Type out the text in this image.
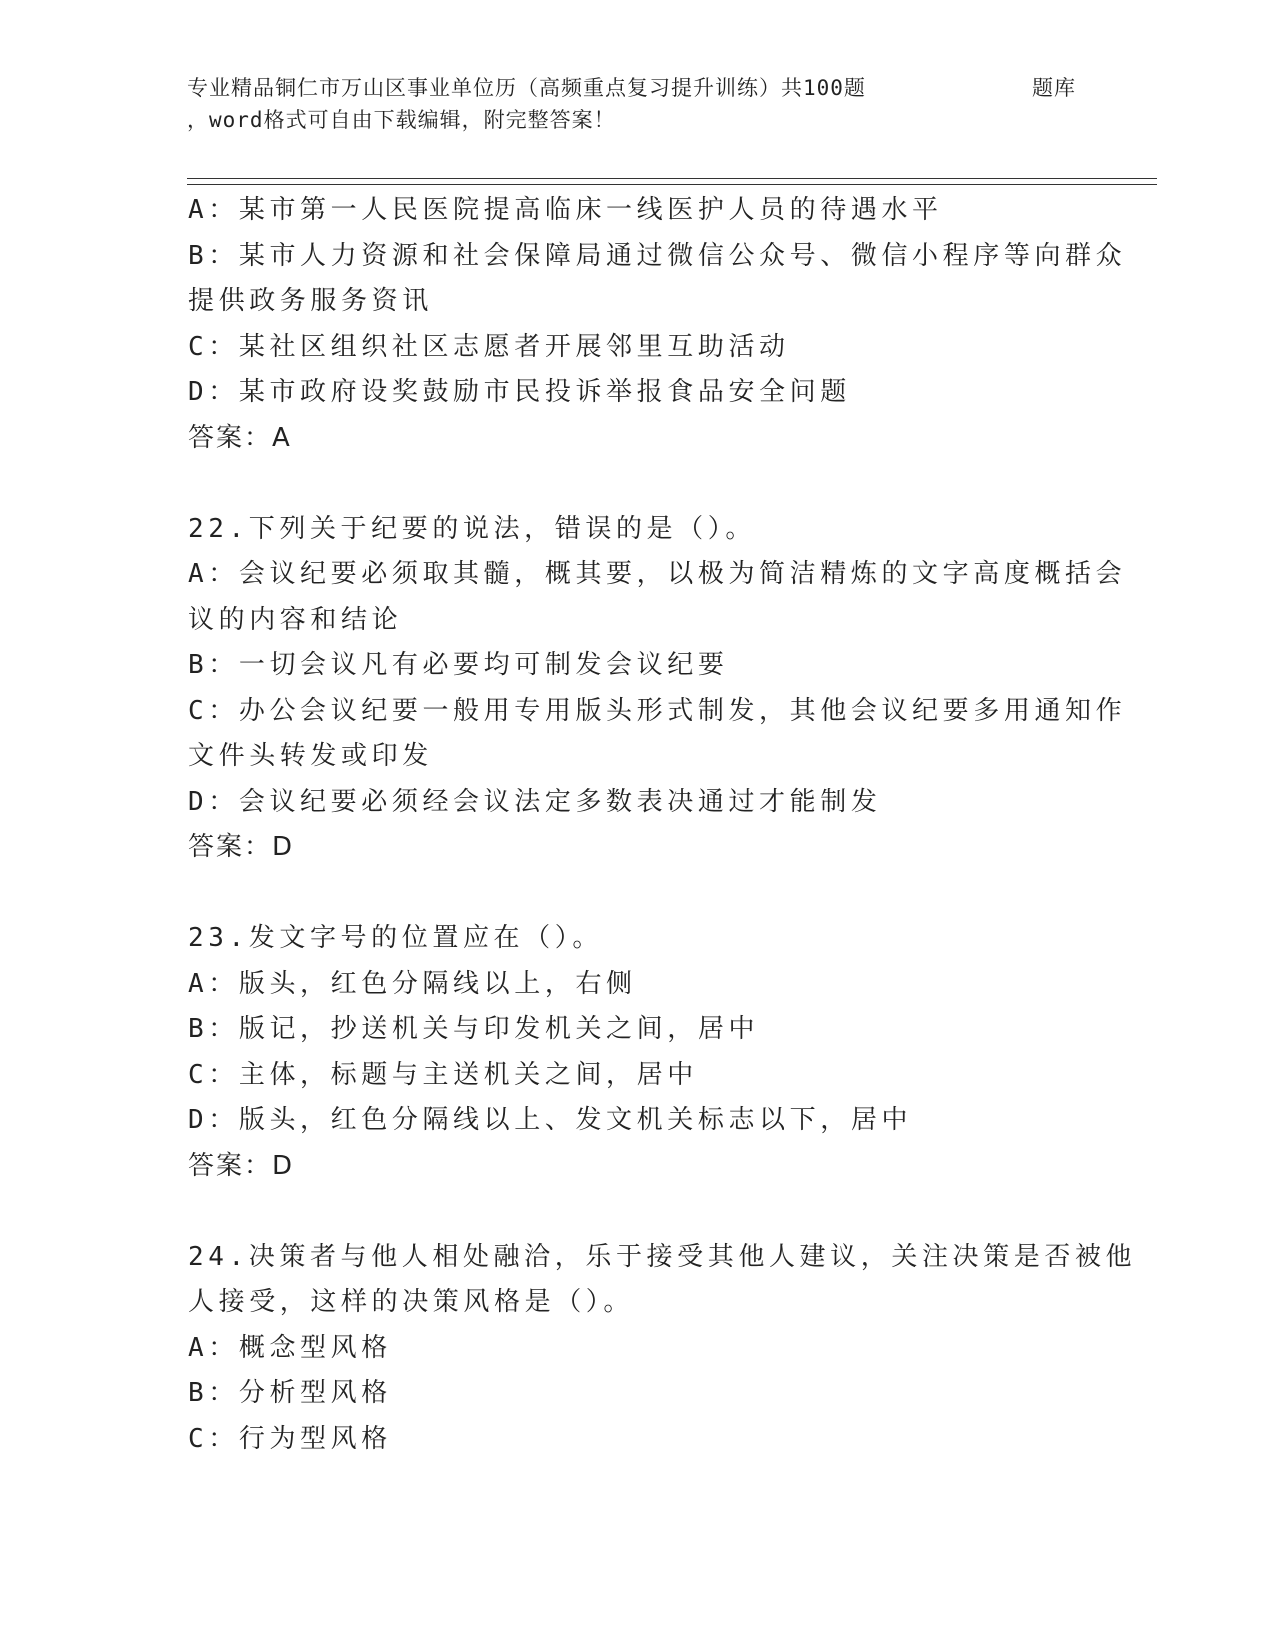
专业精品铜仁市万山区事业单位历（高频重点复习提升训练）共100题	题库
，word格式可自由下载编辑，附完整答案！
A：某市第一人民医院提高临床一线医护人员的待遇水平
B：某市人力资源和社会保障局通过微信公众号、微信小程序等向群众
提供政务服务资讯
C：某社区组织社区志愿者开展邻里互助活动
D：某市政府设奖鼓励市民投诉举报食品安全问题
答案：A
22.下列关于纪要的说法，错误的是（）。
A：会议纪要必须取其髓，概其要，以极为简洁精炼的文字高度概括会
议的内容和结论
B：一切会议凡有必要均可制发会议纪要
C：办公会议纪要一般用专用版头形式制发，其他会议纪要多用通知作
文件头转发或印发
D：会议纪要必须经会议法定多数表决通过才能制发
答案：D
23.发文字号的位置应在（）。
A：版头，红色分隔线以上，右侧
B：版记，抄送机关与印发机关之间，居中
C：主体，标题与主送机关之间，居中
D：版头，红色分隔线以上、发文机关标志以下，居中
答案：D
24.决策者与他人相处融洽，乐于接受其他人建议，关注决策是否被他
人接受，这样的决策风格是（）。
A：概念型风格
B：分析型风格
C：行为型风格
